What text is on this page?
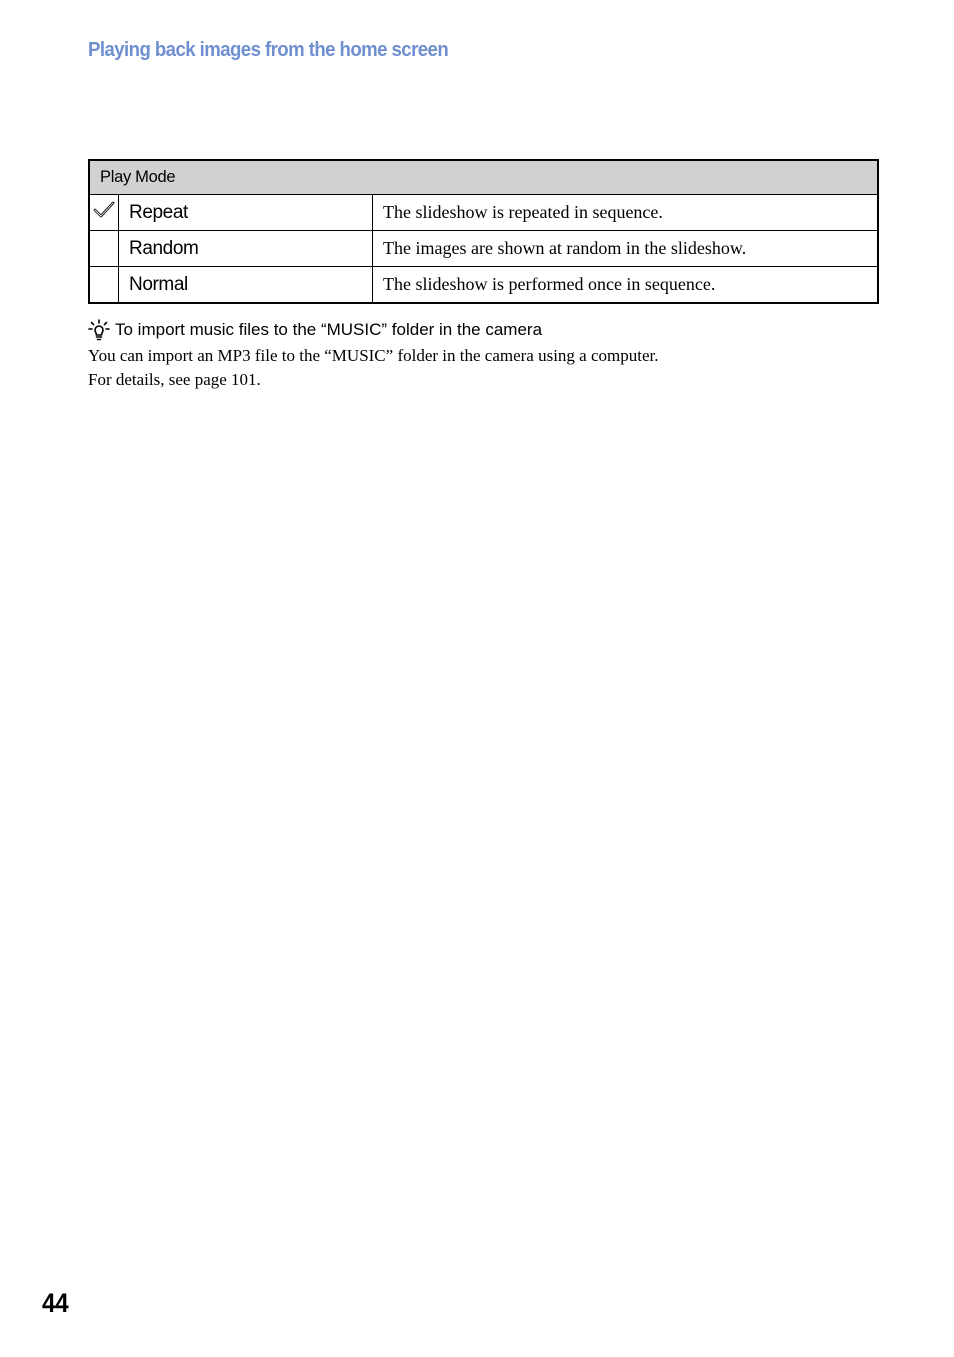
Playing back images from the home screen
Play Mode		
	Repeat	The slideshow is repeated in sequence.
	Random	The images are shown at random in the slideshow.
	Normal	The slideshow is performed once in sequence.
To import music files to the “MUSIC” folder in the camera
You can import an MP3 file to the “MUSIC” folder in the camera using a computer.
For details, see page 101.
44
